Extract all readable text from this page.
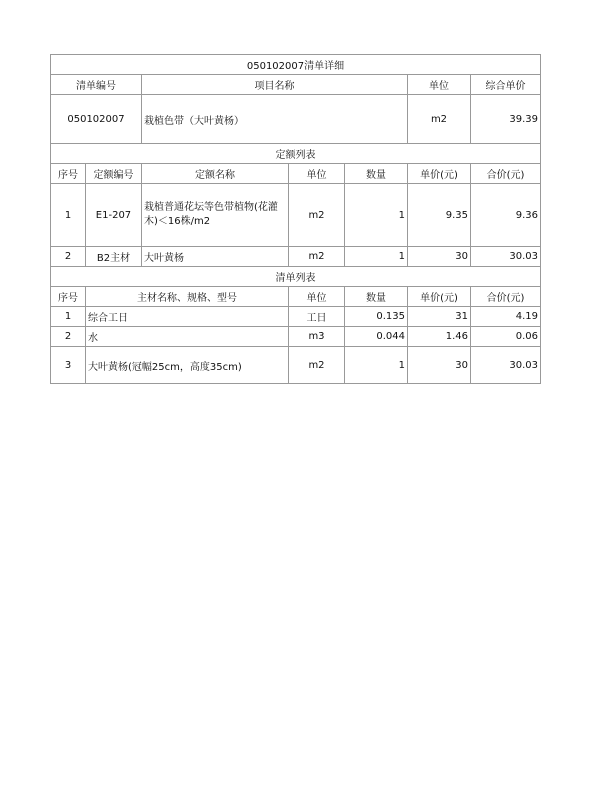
050102007清单详细						
清单编号		项目名称			单位	综合单价
050102007		栽植色带（大叶黄杨）			m2	39.39
定额列表						
序号	定额编号	定额名称	单位	数量	单价(元)	合价(元)
1	E1-207	栽植普通花坛等色带植物(花灌木)＜16株/m2	m2	1	9.35	9.36
2	B2主材	大叶黄杨	m2	1	30	30.03
清单列表						
序号	主材名称、规格、型号		单位	数量	单价(元)	合价(元)
1	综合工日		工日	0.135	31	4.19
2	水		m3	0.044	1.46	0.06
3	大叶黄杨(冠幅25cm，高度35cm)		m2	1	30	30.03
